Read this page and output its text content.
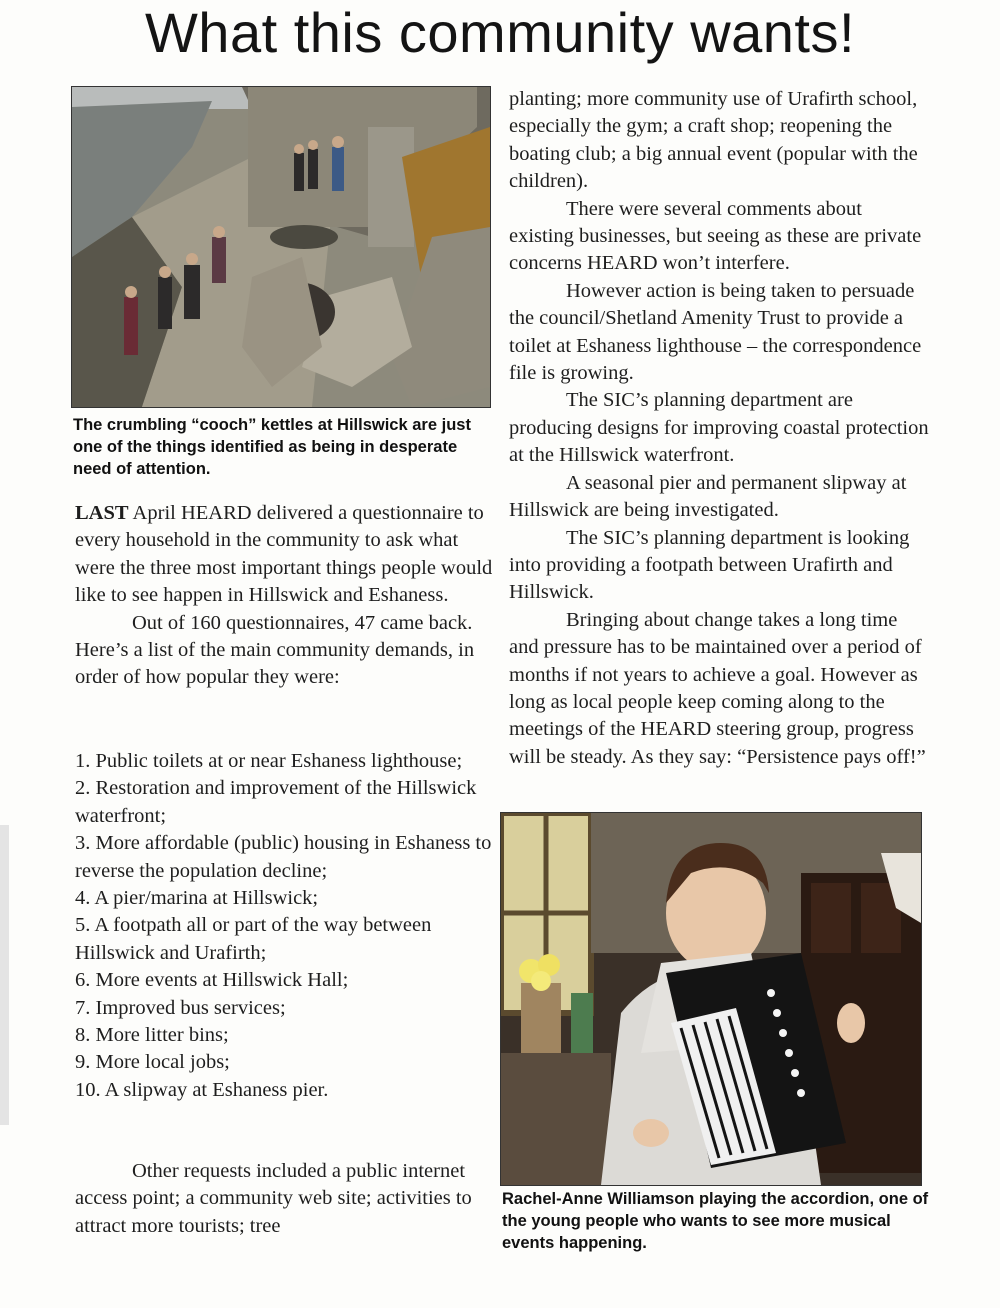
What this community wants!
The crumbling “cooch” kettles at Hillswick are just one of the things identified as being in desperate need of attention.

LAST April HEARD delivered a questionnaire to every household in the community to ask what were the three most important things people would like to see happen in Hillswick and Eshaness.

Out of 160 questionnaires, 47 came back. Here’s a list of the main community demands, in order of how popular they were:

1. Public toilets at or near Eshaness lighthouse;

2. Restoration and improvement of the Hillswick waterfront;

3. More affordable (public) housing in Eshaness to reverse the population decline;

4. A pier/marina at Hillswick;

5. A footpath all or part of the way between Hillswick and Urafirth;

6. More events at Hillswick Hall;

7. Improved bus services;

8. More litter bins;

9. More local jobs;

10. A slipway at Eshaness pier.

Other requests included a public internet access point; a community web site; activities to attract more tourists; tree

planting; more community use of Urafirth school, especially the gym; a craft shop; reopening the boating club; a big annual event (popular with the children).

There were several comments about existing businesses, but seeing as these are private concerns HEARD won’t interfere.

However action is being taken to persuade the council/Shetland Amenity Trust to provide a toilet at Eshaness lighthouse – the correspondence file is growing.

The SIC’s planning department are producing designs for improving coastal protection at the Hillswick waterfront.

A seasonal pier and permanent slipway at Hillswick are being investigated.

The SIC’s planning department is looking into providing a footpath between Urafirth and Hillswick.

Bringing about change takes a long time and pressure has to be maintained over a period of months if not years to achieve a goal. However as long as local people keep coming along to the meetings of the HEARD steering group, progress will be steady. As they say: “Persistence pays off!”

Rachel-Anne Williamson playing the accordion, one of the young people who wants to see more musical events happening.
